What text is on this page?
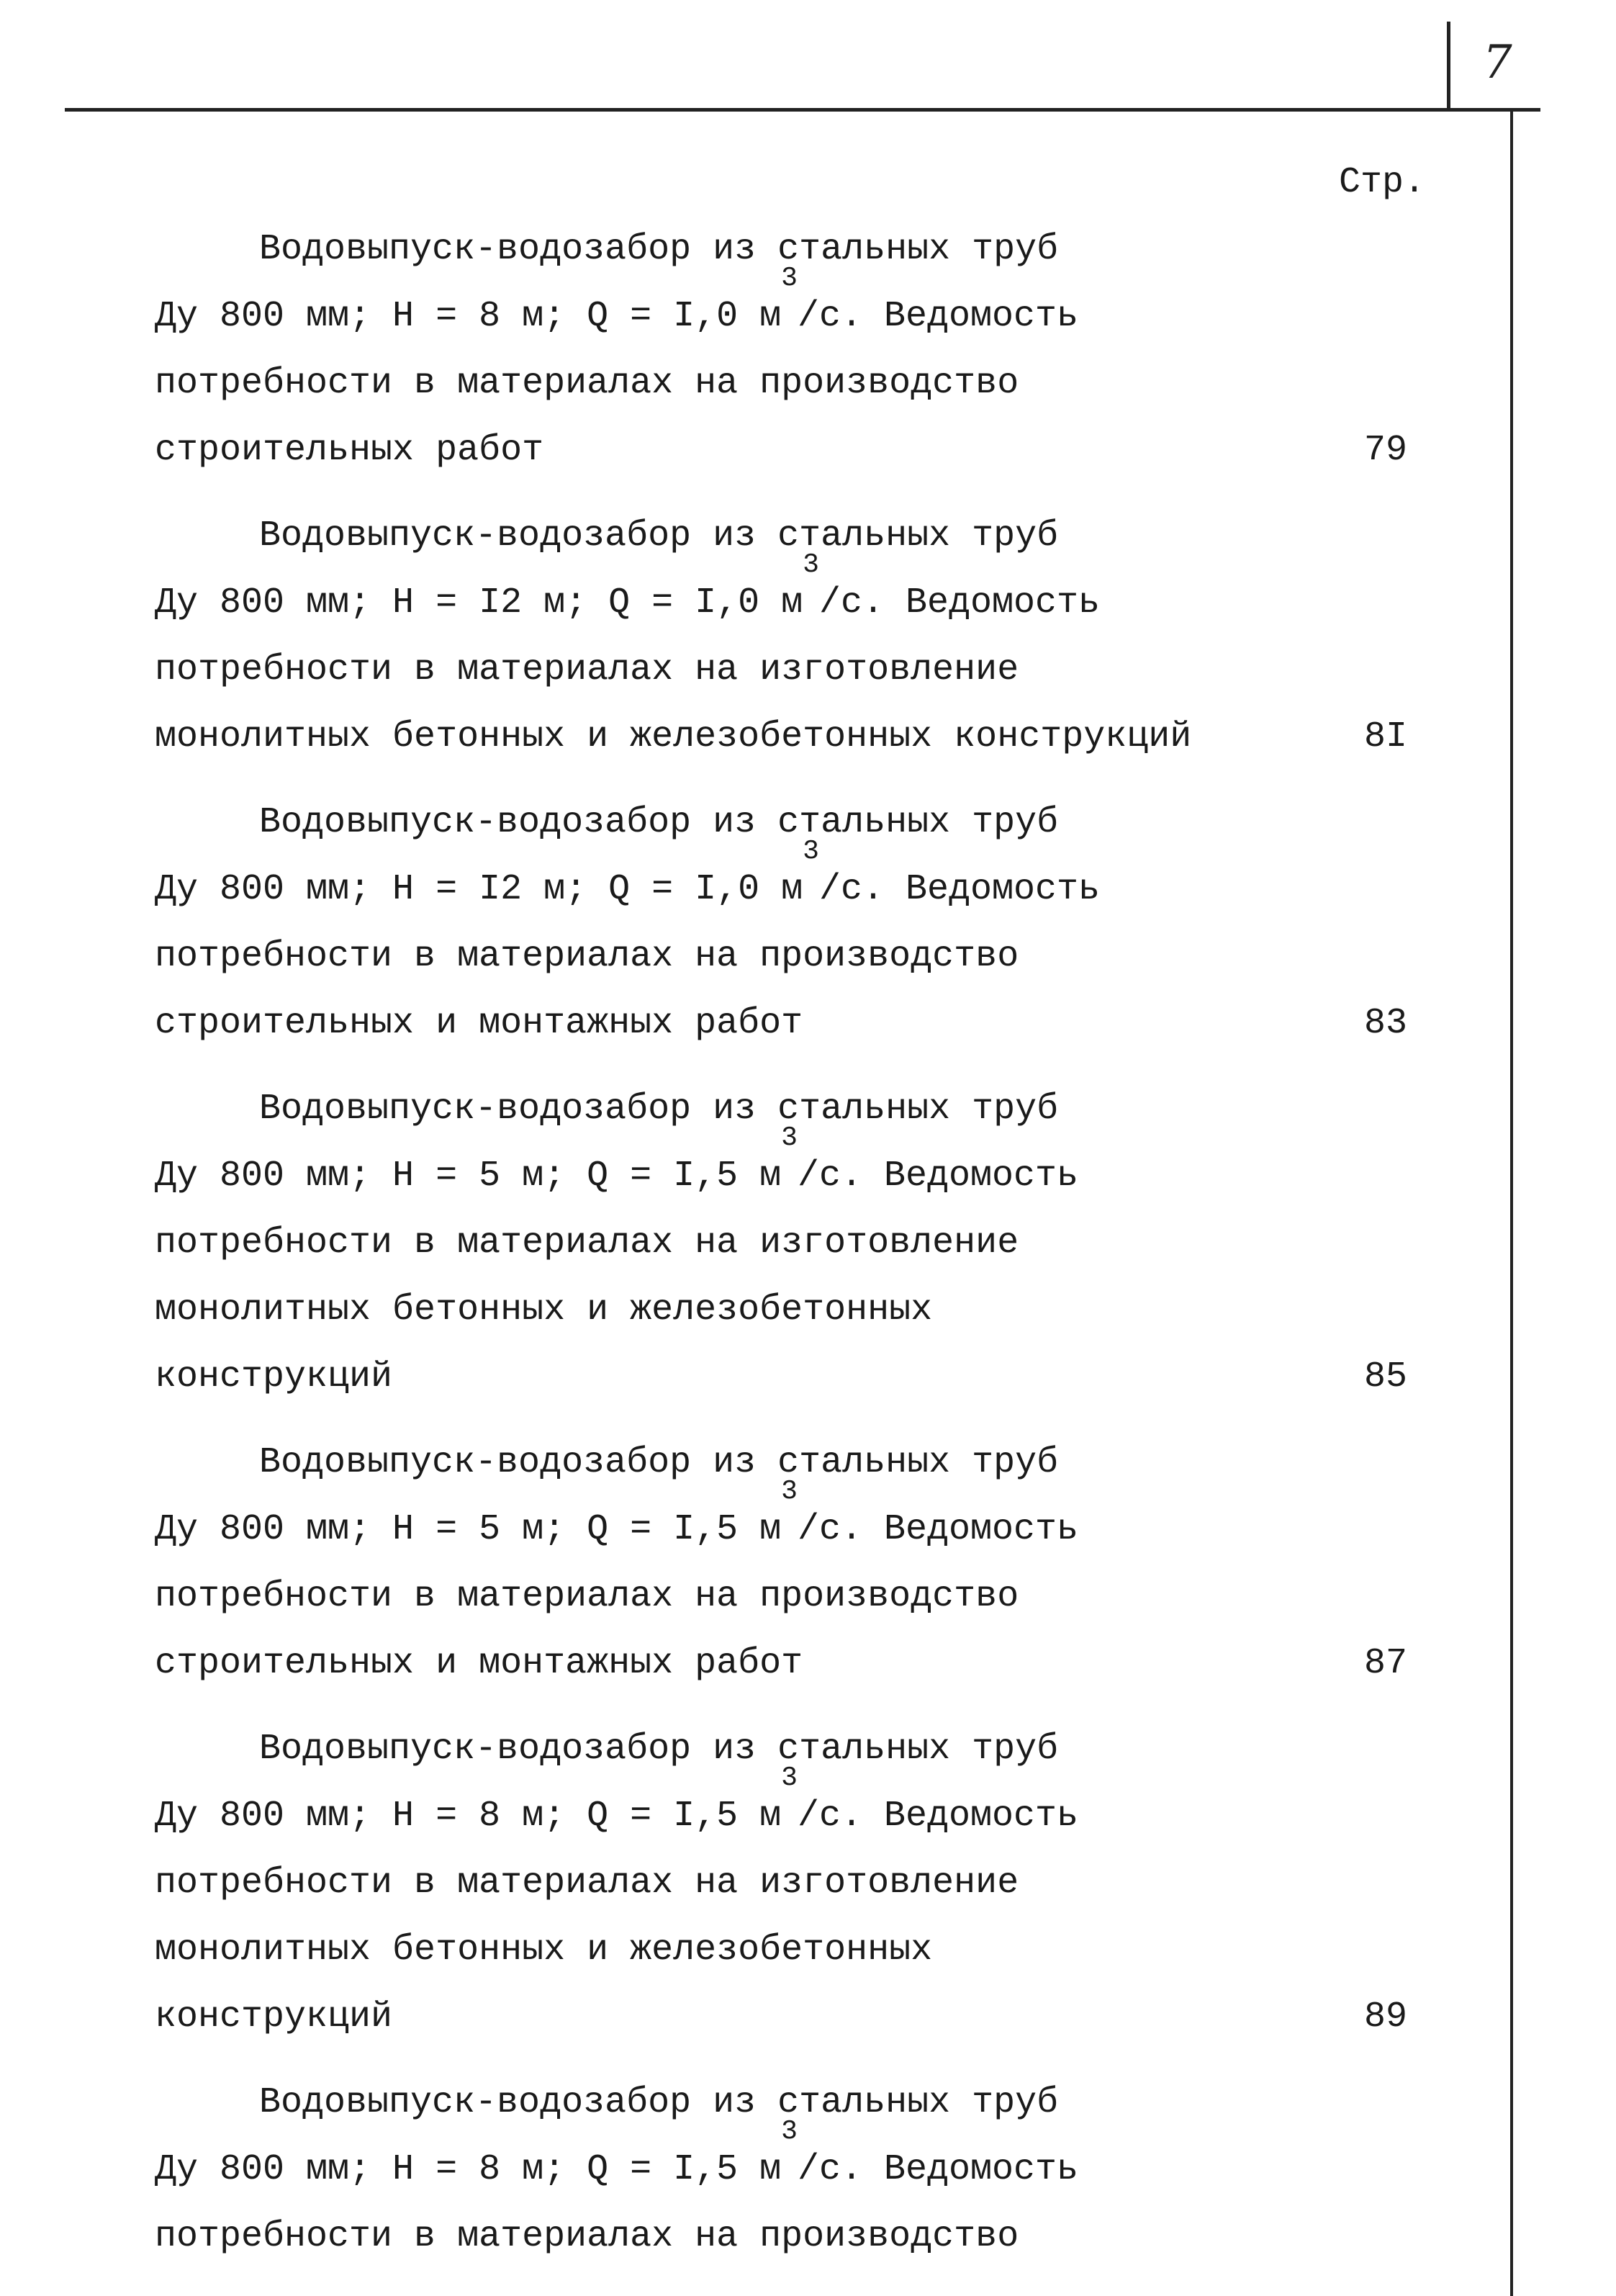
7
Стр.
Водовыпуск-водозабор из стальных труб
Ду 800 мм; Н = 8 м; Q = I,0 $м^3/с$. Ведомость
потребности в материалах на производство
строительных работ	79
Водовыпуск-водозабор из стальных труб
Ду 800 мм; Н = I2 м; Q = I,0 $м^3/с$. Ведомость
потребности в материалах на изготовление
монолитных бетонных и железобетонных конструкций	8I
Водовыпуск-водозабор из стальных труб
Ду 800 мм; Н = I2 м; Q = I,0 $м^3/с$. Ведомость
потребности в материалах на производство
строительных и монтажных работ	83
Водовыпуск-водозабор из стальных труб
Ду 800 мм; Н = 5 м; Q = I,5 $м^3/с$. Ведомость
потребности в материалах на изготовление
монолитных бетонных и железобетонных
конструкций	85
Водовыпуск-водозабор из стальных труб
Ду 800 мм; Н = 5 м; Q = I,5 $м^3/с$. Ведомость
потребности в материалах на производство
строительных и монтажных работ	87
Водовыпуск-водозабор из стальных труб
Ду 800 мм; Н = 8 м; Q = I,5 $м^3/с$. Ведомость
потребности в материалах на изготовление
монолитных бетонных и железобетонных
конструкций	89
Водовыпуск-водозабор из стальных труб
Ду 800 мм; Н = 8 м; Q = I,5 $м^3/с$. Ведомость
потребности в материалах на производство
